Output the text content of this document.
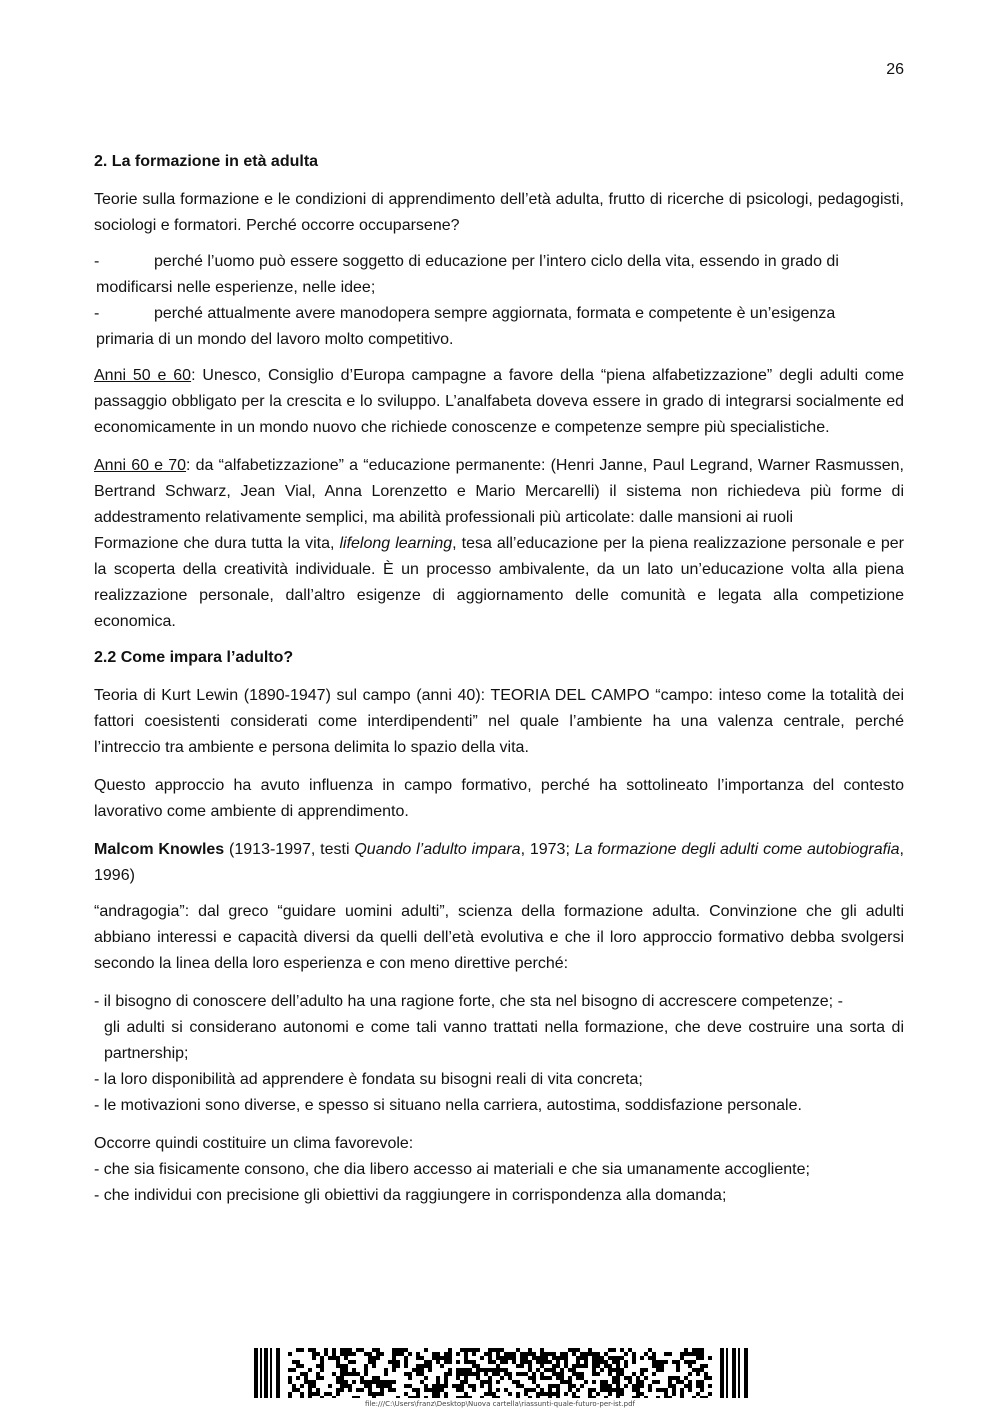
26

2. La formazione in età adulta

Teorie sulla formazione e le condizioni di apprendimento dell’età adulta, frutto di ricerche di psicologi, pedagogisti, sociologi e formatori. Perché occorre occuparsene?

-	perché l’uomo può essere soggetto di educazione per l’intero ciclo della vita, essendo in grado di
modificarsi nelle esperienze, nelle idee;
-	perché attualmente avere manodopera sempre aggiornata, formata e competente è un’esigenza
primaria di un mondo del lavoro molto competitivo.

Anni 50 e 60: Unesco, Consiglio d’Europa campagne a favore della “piena alfabetizzazione” degli adulti come passaggio obbligato per la crescita e lo sviluppo. L’analfabeta doveva essere in grado di integrarsi socialmente ed economicamente in un mondo nuovo che richiede conoscenze e competenze sempre più specialistiche.

Anni 60 e 70: da “alfabetizzazione” a “educazione permanente: (Henri Janne, Paul Legrand, Warner Rasmussen, Bertrand Schwarz, Jean Vial, Anna Lorenzetto e Mario Mercarelli) il sistema non richiedeva più forme di addestramento relativamente semplici, ma abilità professionali più articolate: dalle mansioni ai ruoli

Formazione che dura tutta la vita, lifelong learning, tesa all’educazione per la piena realizzazione personale e per la scoperta della creatività individuale. È un processo ambivalente, da un lato un’educazione volta alla piena realizzazione personale, dall’altro esigenze di aggiornamento delle comunità e legata alla competizione economica.

2.2 Come impara l’adulto?

Teoria di Kurt Lewin (1890-1947) sul campo (anni 40): TEORIA DEL CAMPO “campo: inteso come la totalità dei fattori coesistenti considerati come interdipendenti” nel quale l’ambiente ha una valenza centrale, perché l’intreccio tra ambiente e persona delimita lo spazio della vita.

Questo approccio ha avuto influenza in campo formativo, perché ha sottolineato l’importanza del contesto lavorativo come ambiente di apprendimento.

Malcom Knowles (1913-1997, testi Quando l’adulto impara, 1973; La formazione degli adulti come autobiografia, 1996)

“andragogia”: dal greco “guidare uomini adulti”, scienza della formazione adulta. Convinzione che gli adulti abbiano interessi e capacità diversi da quelli dell’età evolutiva e che il loro approccio formativo debba svolgersi secondo la linea della loro esperienza e con meno direttive perché:

- il bisogno di conoscere dell’adulto ha una ragione forte, che sta nel bisogno di accrescere competenze; -
gli adulti si considerano autonomi e come tali vanno trattati nella formazione, che deve costruire una sorta di partnership;
- la loro disponibilità ad apprendere è fondata su bisogni reali di vita concreta;
- le motivazioni sono diverse, e spesso si situano nella carriera, autostima, soddisfazione personale.
Occorre quindi costituire un clima favorevole:
- che sia fisicamente consono, che dia libero accesso ai materiali e che sia umanamente accogliente;
- che individui con precisione gli obiettivi da raggiungere in corrispondenza alla domanda;
file:///C:\Users\franz\Desktop\Nuova cartella\riassunti-quale-futuro-per-ist.pdf
